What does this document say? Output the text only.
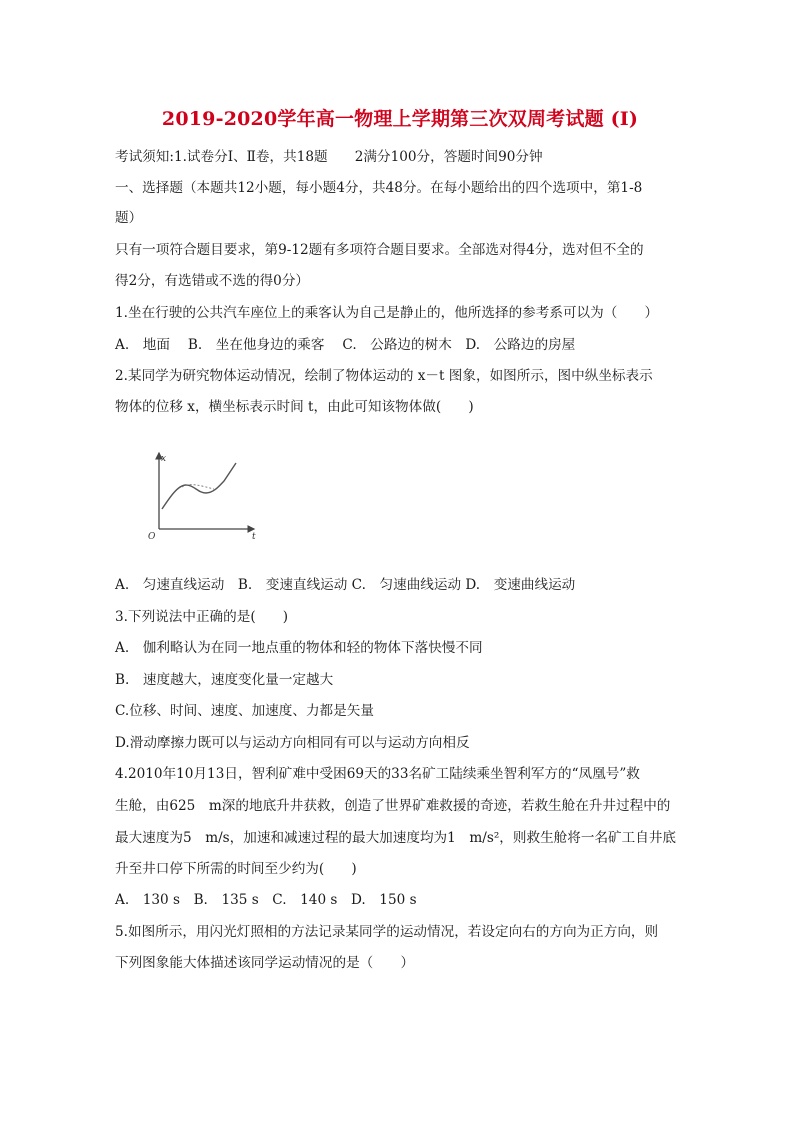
2019-2020学年高一物理上学期第三次双周考试题 (I)
考试须知:1.试卷分Ⅰ、Ⅱ卷，共18题　　2满分100分，答题时间90分钟
一、选择题（本题共12小题，每小题4分，共48分。在每小题给出的四个选项中，第1-8
题）
只有一项符合题目要求，第9-12题有多项符合题目要求。全部选对得4分，选对但不全的
得2分，有选错或不选的得0分）
1.坐在行驶的公共汽车座位上的乘客认为自己是静止的，他所选择的参考系可以为（　　）
A.　地面　 B.　坐在他身边的乘客　 C.　公路边的树木　D.　公路边的房屋
2.某同学为研究物体运动情况，绘制了物体运动的 x－t 图象，如图所示，图中纵坐标表示
物体的位移 x，横坐标表示时间 t，由此可知该物体做(　　)
x
t
O
A.　匀速直线运动　B.　变速直线运动 C.　匀速曲线运动 D.　变速曲线运动
3.下列说法中正确的是(　　)
A.　伽利略认为在同一地点重的物体和轻的物体下落快慢不同
B.　速度越大，速度变化量一定越大
C.位移、时间、速度、加速度、力都是矢量
D.滑动摩擦力既可以与运动方向相同有可以与运动方向相反
4.2010年10月13日，智利矿难中受困69天的33名矿工陆续乘坐智利军方的“凤凰号”救
生舱，由625　m深的地底升井获救，创造了世界矿难救援的奇迹，若救生舱在升井过程中的
最大速度为5　m/s，加速和减速过程的最大加速度均为1　m/s²，则救生舱将一名矿工自井底
升至井口停下所需的时间至少约为(　　)
A.　130 s　B.　135 s　C.　140 s　D.　150 s
5.如图所示，用闪光灯照相的方法记录某同学的运动情况，若设定向右的方向为正方向，则
下列图象能大体描述该同学运动情况的是（　　）
